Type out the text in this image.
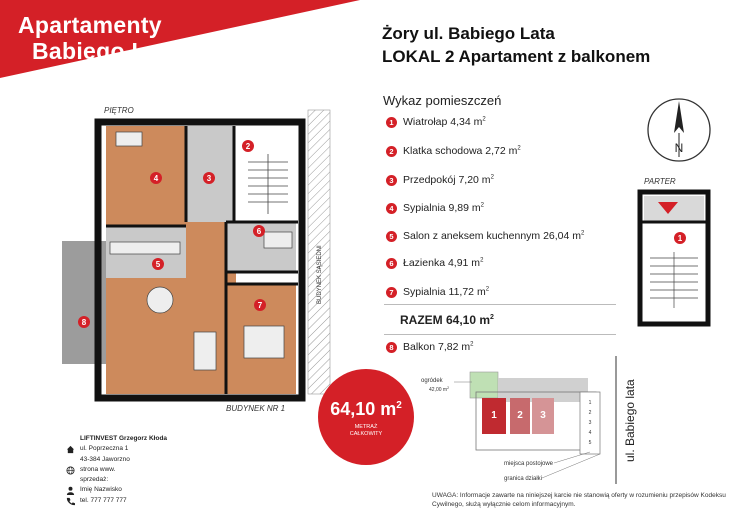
Apartamenty
Babiego Lata
Żory ul. Babiego Lata
LOKAL 2 Apartament z balkonem
N
Wykaz pomieszczeń
1 Wiatrołap 4,34 $m^2$
2 Klatka schodowa 2,72 $m^2$
3 Przedpokój 7,20 $m^2$
4 Sypialnia 9,89 $m^2$
5 Salon z aneksem kuchennym 26,04 $m^2$
6 Łazienka 4,91 $m^2$
7 Sypialnia 11,72 $m^2$
RAZEM 64,10 $m^2$
8 Balkon 7,82 $m^2$
PIĘTRO
4
2
3
5
6
7
8
BUDYNEK SĄSIEDNI
BUDYNEK NR 1
PARTER
1
64,10 $m^2$
METRAŻ
CAŁKOWITY
1 2 3
1
2
3
4
5
ogródek
42,00 $m^2$
miejsca postojowe
granica działki
ul. Babiego lata
LIFTINVEST Grzegorz Kłoda
ul. Poprzeczna 1
43-384 Jaworzno
strona www.
sprzedaż:
Imię Nazwisko
tel. 777 777 777
UWAGA: Informacje zawarte na niniejszej karcie nie stanowią oferty w rozumieniu przepisów Kodeksu Cywilnego, służą wyłącznie celom informacyjnym.
